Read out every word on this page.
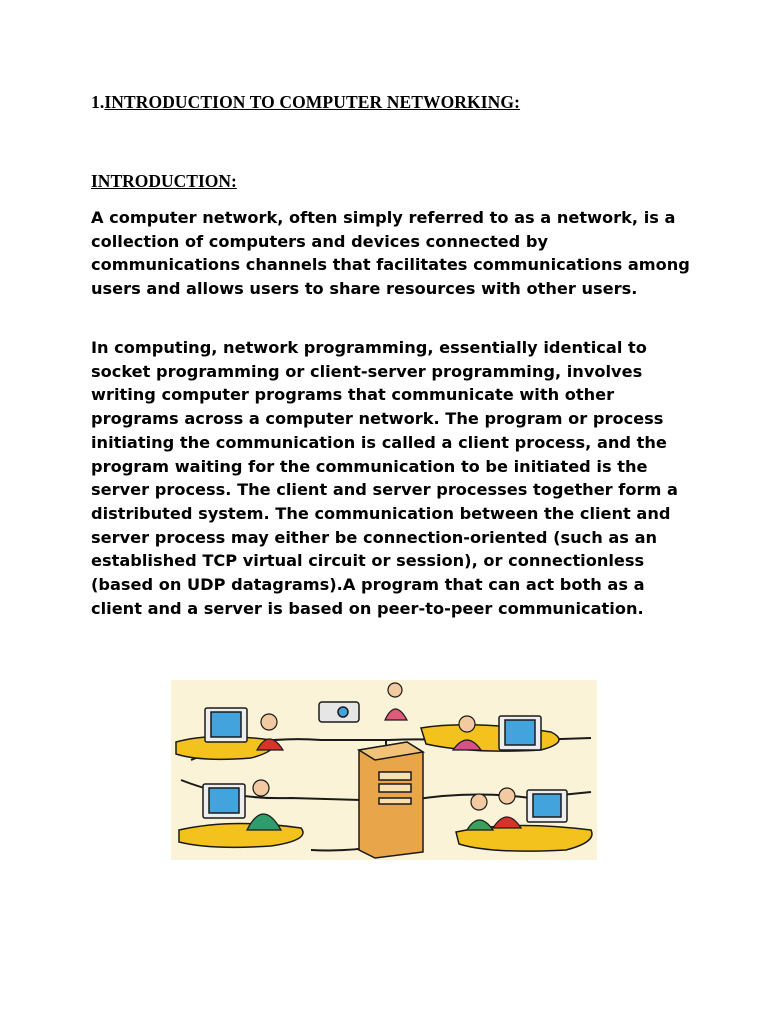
1.INTRODUCTION TO COMPUTER NETWORKING:
INTRODUCTION:

A computer network, often simply referred to as a network, is a collection of computers and devices connected by communications channels that facilitates communications among users and allows users to share resources with other users.

In computing, network programming, essentially identical to socket programming or client-server programming, involves writing computer programs that communicate with other programs across a computer network. The program or process initiating the communication is called a client process, and the program waiting for the communication to be initiated is the server process. The client and server processes together form a distributed system. The communication between the client and server process may either be connection-oriented (such as an established TCP virtual circuit or session), or connectionless (based on UDP datagrams).A program that can act both as a client and a server is based on peer-to-peer communication.
